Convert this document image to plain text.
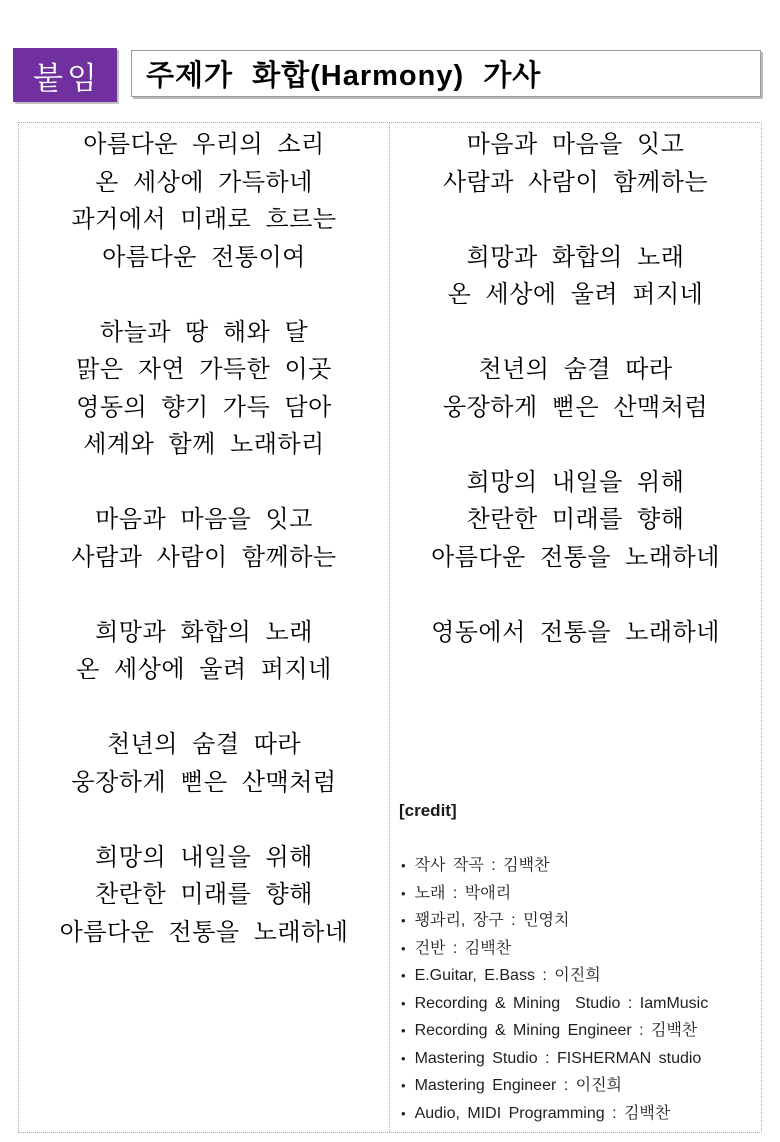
붙임	주제가 화합(Harmony) 가사
아름다운 우리의 소리
온 세상에 가득하네
과거에서 미래로 흐르는
아름다운 전통이여
하늘과 땅 해와 달
맑은 자연 가득한 이곳
영동의 향기 가득 담아
세계와 함께 노래하리
마음과 마음을 잇고
사람과 사람이 함께하는
희망과 화합의 노래
온 세상에 울려 퍼지네
천년의 숨결 따라
웅장하게 뻗은 산맥처럼
희망의 내일을 위해
찬란한 미래를 향해
아름다운 전통을 노래하네
마음과 마음을 잇고
사람과 사람이 함께하는
희망과 화합의 노래
온 세상에 울려 퍼지네
천년의 숨결 따라
웅장하게 뻗은 산맥처럼
희망의 내일을 위해
찬란한 미래를 향해
아름다운 전통을 노래하네
영동에서 전통을 노래하네
[credit]
• 작사 작곡 : 김백찬
• 노래 : 박애리
• 꽹과리, 장구 : 민영치
• 건반 : 김백찬
• E.Guitar, E.Bass : 이진희
• Recording & Mining  Studio : IamMusic
• Recording & Mining Engineer : 김백찬
• Mastering Studio : FISHERMAN studio
• Mastering Engineer : 이진희
• Audio, MIDI Programming : 김백찬
